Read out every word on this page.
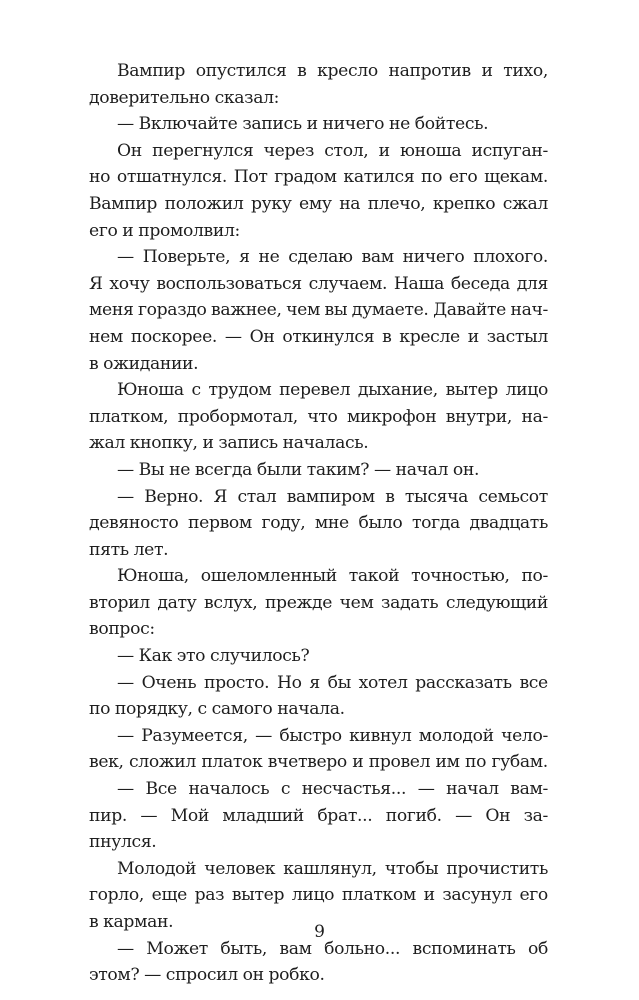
Вампир опустился в кресло напротив и тихо,
доверительно сказал:
— Включайте запись и ничего не бойтесь.
Он перегнулся через стол, и юноша испуган-
но отшатнулся. Пот градом катился по его щекам.
Вампир положил руку ему на плечо, крепко сжал
его и промолвил:
— Поверьте, я не сделаю вам ничего плохого.
Я хочу воспользоваться случаем. Наша беседа для
меня гораздо важнее, чем вы думаете. Давайте нач-
нем поскорее. — Он откинулся в кресле и застыл
в ожидании.
Юноша с трудом перевел дыхание, вытер лицо
платком, пробормотал, что микрофон внутри, на-
жал кнопку, и запись началась.
— Вы не всегда были таким? — начал он.
— Верно. Я стал вампиром в тысяча семьсот
девяносто первом году, мне было тогда двадцать
пять лет.
Юноша, ошеломленный такой точностью, по-
вторил дату вслух, прежде чем задать следующий
вопрос:
— Как это случилось?
— Очень просто. Но я бы хотел рассказать все
по порядку, с самого начала.
— Разумеется, — быстро кивнул молодой чело-
век, сложил платок вчетверо и провел им по губам.
— Все началось с несчастья... — начал вам-
пир. — Мой младший брат... погиб. — Он за-
пнулся.
Молодой человек кашлянул, чтобы прочистить
горло, еще раз вытер лицо платком и засунул его
в карман.
— Может быть, вам больно... вспоминать об
этом? — спросил он робко.
9
